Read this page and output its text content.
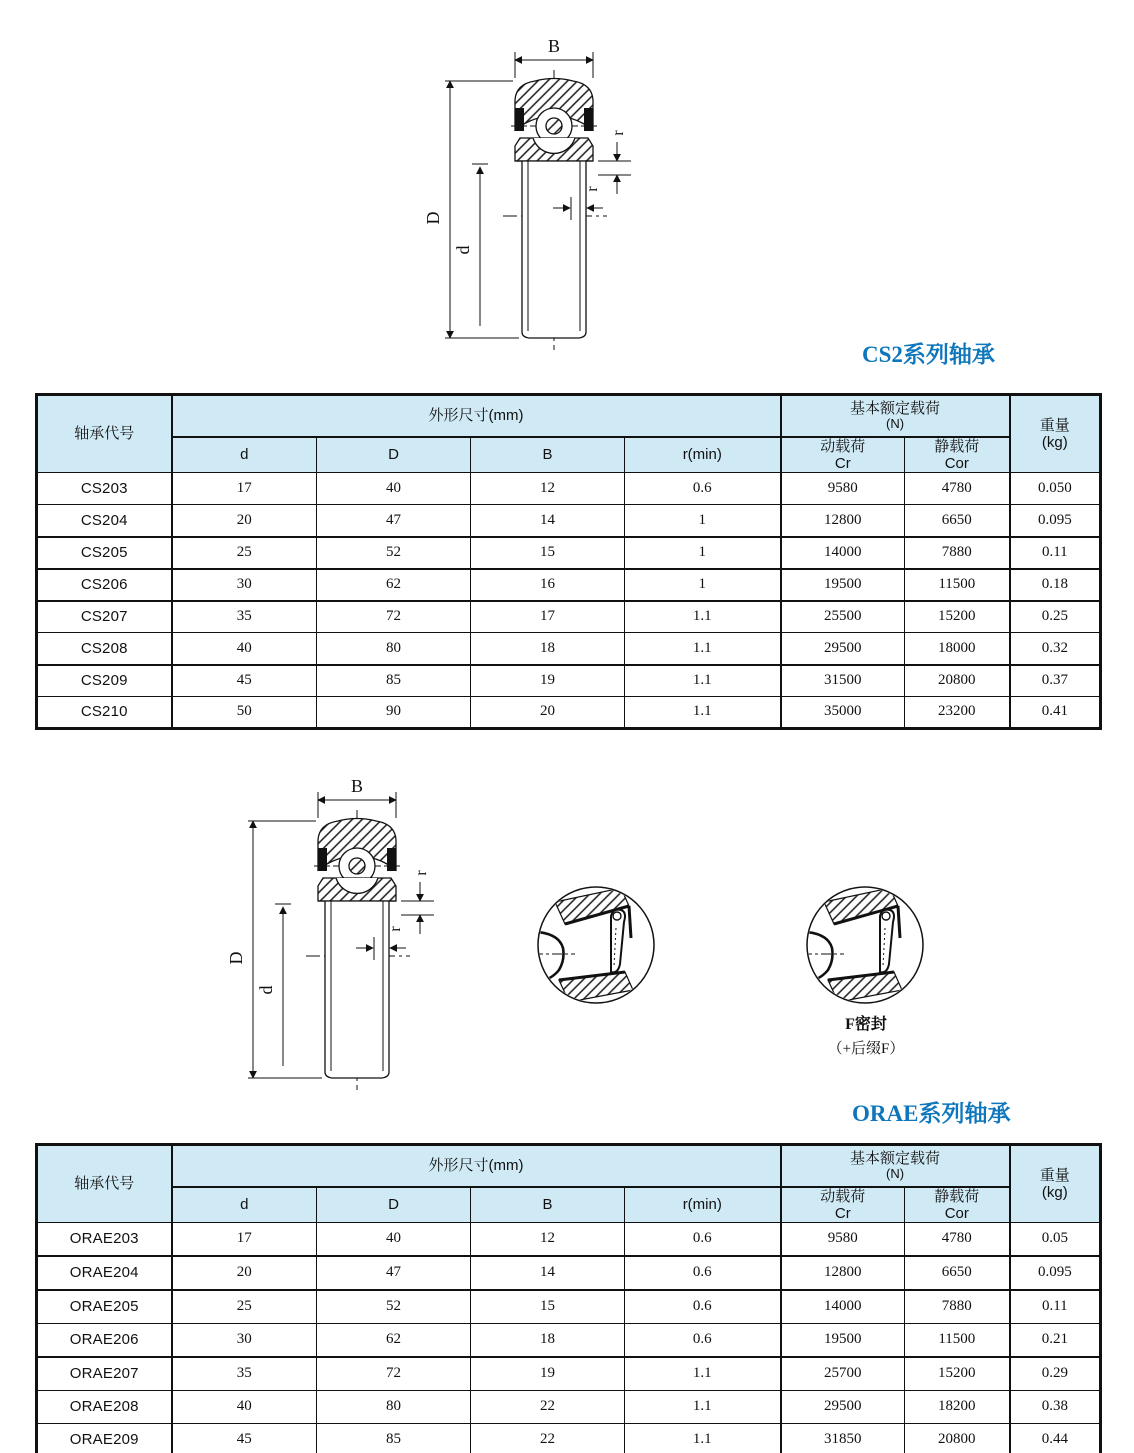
CS2系列轴承
轴承代号	外形尺寸(mm)				基本额定载荷
(N)		重量
(kg)

	d	D	B	r(min)	动载荷
Cr	静载荷
Cor	

CS203	17	40	12	0.6	9580	4780	0.050
CS204	20	47	14	1	12800	6650	0.095
CS205	25	52	15	1	14000	7880	0.11
CS206	30	62	16	1	19500	11500	0.18
CS207	35	72	17	1.1	25500	15200	0.25
CS208	40	80	18	1.1	29500	18000	0.32
CS209	45	85	19	1.1	31500	20800	0.37
CS210	50	90	20	1.1	35000	23200	0.41
F密封
（+后缀F）
ORAE系列轴承
轴承代号	外形尺寸(mm)				基本额定载荷
(N)		重量
(kg)

	d	D	B	r(min)	动载荷
Cr	静载荷
Cor	

ORAE203	17	40	12	0.6	9580	4780	0.05
ORAE204	20	47	14	0.6	12800	6650	0.095
ORAE205	25	52	15	0.6	14000	7880	0.11
ORAE206	30	62	18	0.6	19500	11500	0.21
ORAE207	35	72	19	1.1	25700	15200	0.29
ORAE208	40	80	22	1.1	29500	18200	0.38
ORAE209	45	85	22	1.1	31850	20800	0.44
